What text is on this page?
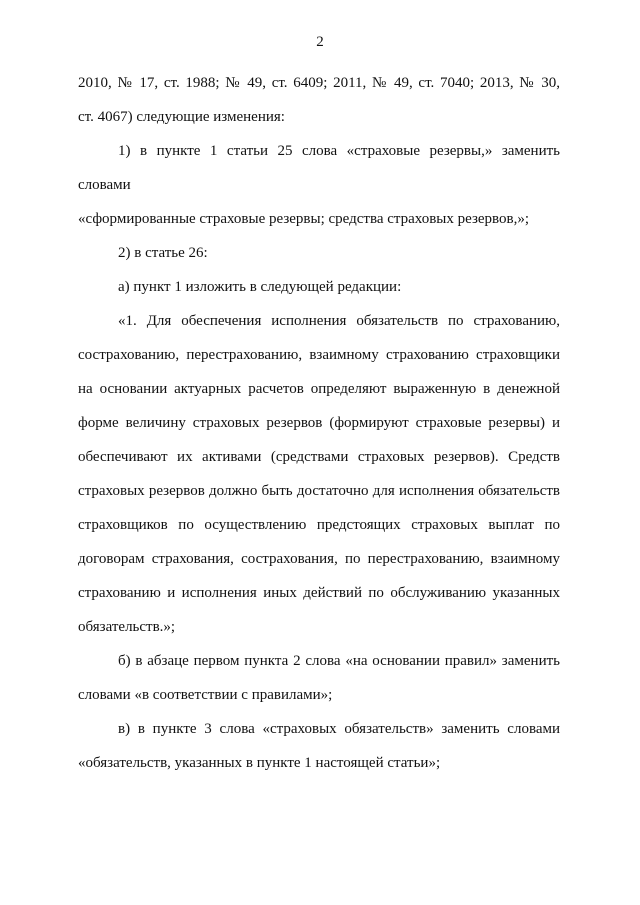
2
2010, № 17, ст. 1988; № 49, ст. 6409; 2011, № 49, ст. 7040; 2013, № 30,
ст. 4067) следующие изменения:
1) в пункте 1 статьи 25 слова «страховые резервы,» заменить словами
«сформированные страховые резервы; средства страховых резервов,»;
2) в статье 26:
а) пункт 1 изложить в следующей редакции:
«1. Для обеспечения исполнения обязательств по страхованию,
сострахованию, перестрахованию, взаимному страхованию страховщики
на основании актуарных расчетов определяют выраженную в денежной
форме величину страховых резервов (формируют страховые резервы) и
обеспечивают их активами (средствами страховых резервов). Средств
страховых резервов должно быть достаточно для исполнения обязательств
страховщиков по осуществлению предстоящих страховых выплат по
договорам страхования, сострахования, по перестрахованию, взаимному
страхованию и исполнения иных действий по обслуживанию указанных
обязательств.»;
б) в абзаце первом пункта 2 слова «на основании правил» заменить
словами «в соответствии с правилами»;
в) в пункте 3 слова «страховых обязательств» заменить словами
«обязательств, указанных в пункте 1 настоящей статьи»;
